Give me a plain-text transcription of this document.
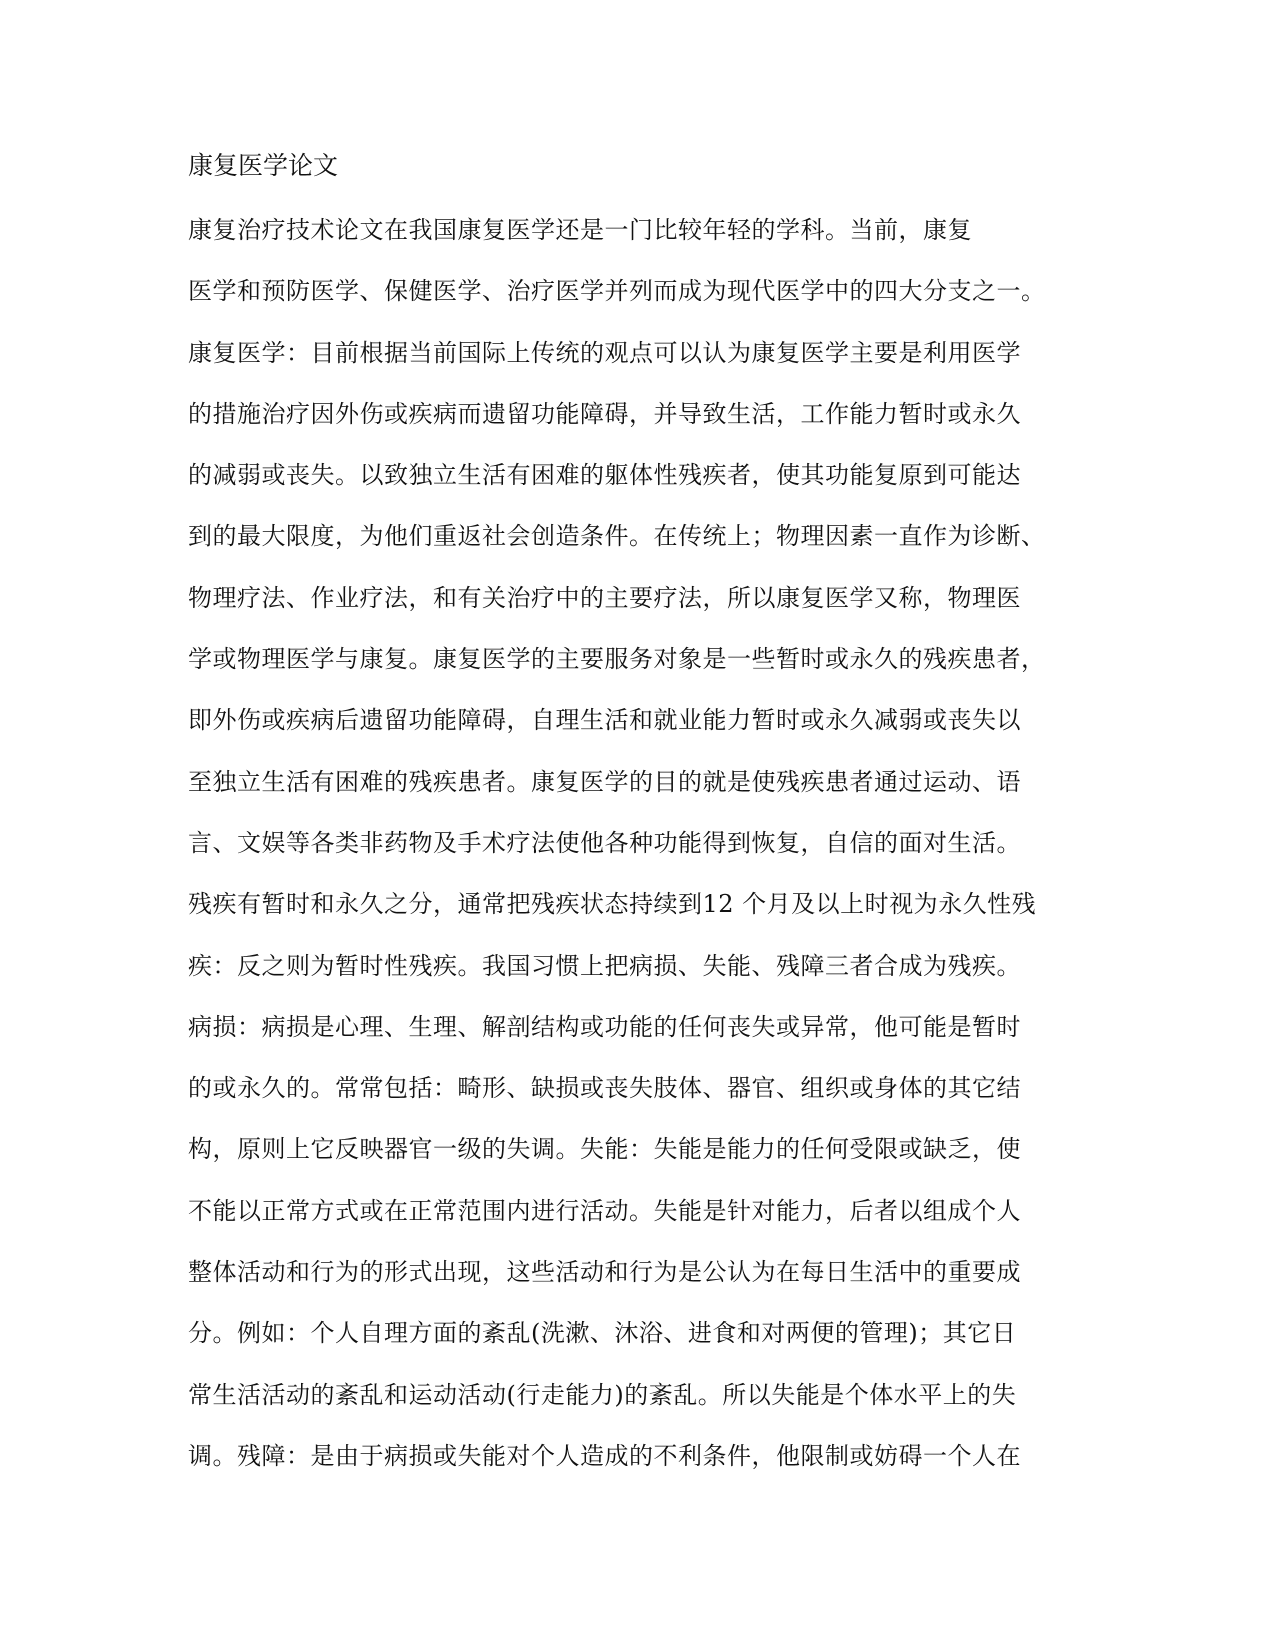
康复医学论文
康复治疗技术论文在我国康复医学还是一门比较年轻的学科。当前，康复
医学和预防医学、保健医学、治疗医学并列而成为现代医学中的四大分支之一。
康复医学：目前根据当前国际上传统的观点可以认为康复医学主要是利用医学
的措施治疗因外伤或疾病而遗留功能障碍，并导致生活，工作能力暂时或永久
的减弱或丧失。以致独立生活有困难的躯体性残疾者，使其功能复原到可能达
到的最大限度，为他们重返社会创造条件。在传统上；物理因素一直作为诊断、
物理疗法、作业疗法，和有关治疗中的主要疗法，所以康复医学又称，物理医
学或物理医学与康复。康复医学的主要服务对象是一些暂时或永久的残疾患者，
即外伤或疾病后遗留功能障碍，自理生活和就业能力暂时或永久减弱或丧失以
至独立生活有困难的残疾患者。康复医学的目的就是使残疾患者通过运动、语
言、文娱等各类非药物及手术疗法使他各种功能得到恢复，自信的面对生活。
残疾有暂时和永久之分，通常把残疾状态持续到12 个月及以上时视为永久性残
疾：反之则为暂时性残疾。我国习惯上把病损、失能、残障三者合成为残疾。
病损：病损是心理、生理、解剖结构或功能的任何丧失或异常，他可能是暂时
的或永久的。常常包括：畸形、缺损或丧失肢体、器官、组织或身体的其它结
构，原则上它反映器官一级的失调。失能：失能是能力的任何受限或缺乏，使
不能以正常方式或在正常范围内进行活动。失能是针对能力，后者以组成个人
整体活动和行为的形式出现，这些活动和行为是公认为在每日生活中的重要成
分。例如：个人自理方面的紊乱(洗漱、沐浴、进食和对两便的管理)；其它日
常生活活动的紊乱和运动活动(行走能力)的紊乱。所以失能是个体水平上的失
调。残障：是由于病损或失能对个人造成的不利条件，他限制或妨碍一个人在
